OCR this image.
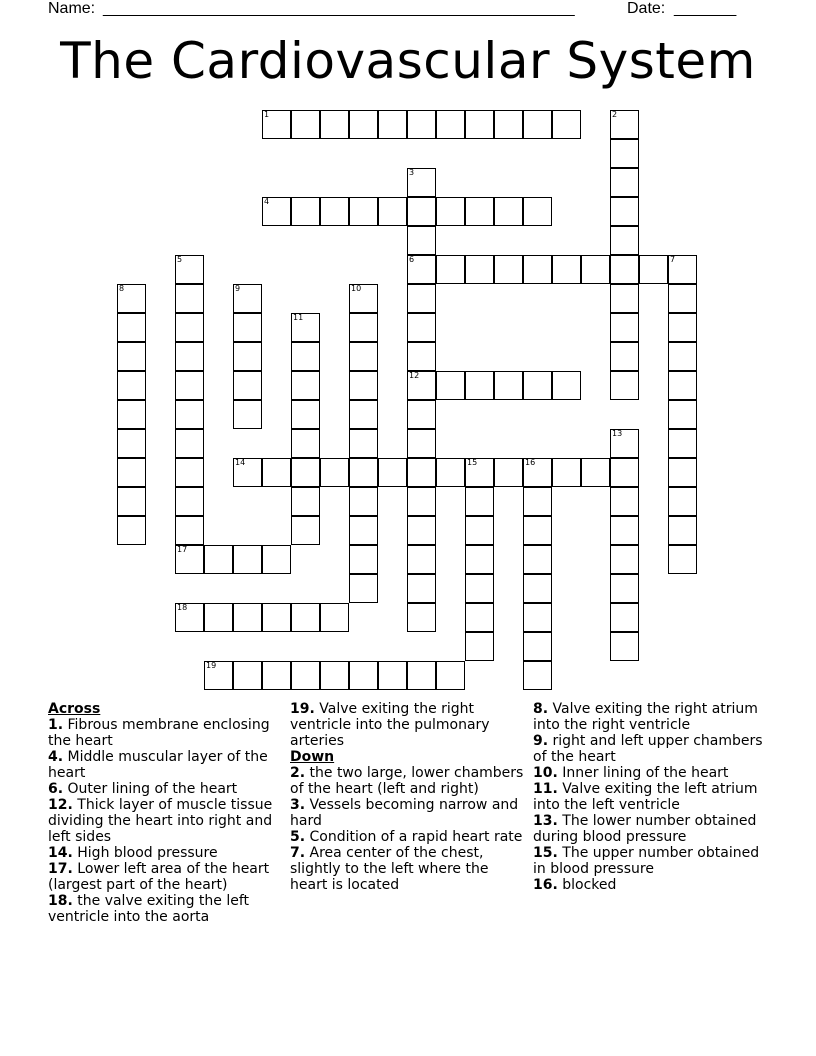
Name: _____________________________________________________	Date: _______
The Cardiovascular System
1	2
3
6
12
4
5
17
7
8	9	10
11
13
14	15	16
18
19
Across
1. Fibrous membrane enclosing the heart
4. Middle muscular layer of the heart
6. Outer lining of the heart
12. Thick layer of muscle tissue dividing the heart into right and left sides
14. High blood pressure
17. Lower left area of the heart (largest part of the heart)
18. the valve exiting the left ventricle into the aorta
19. Valve exiting the right ventricle into the pulmonary arteries
Down
2. the two large, lower chambers of the heart (left and right)
3. Vessels becoming narrow and hard
5. Condition of a rapid heart rate
7. Area center of the chest, slightly to the left where the heart is located
8. Valve exiting the right atrium into the right ventricle
9. right and left upper chambers of the heart
10. Inner lining of the heart
11. Valve exiting the left atrium into the left ventricle
13. The lower number obtained during blood pressure
15. The upper number obtained in blood pressure
16. blocked
